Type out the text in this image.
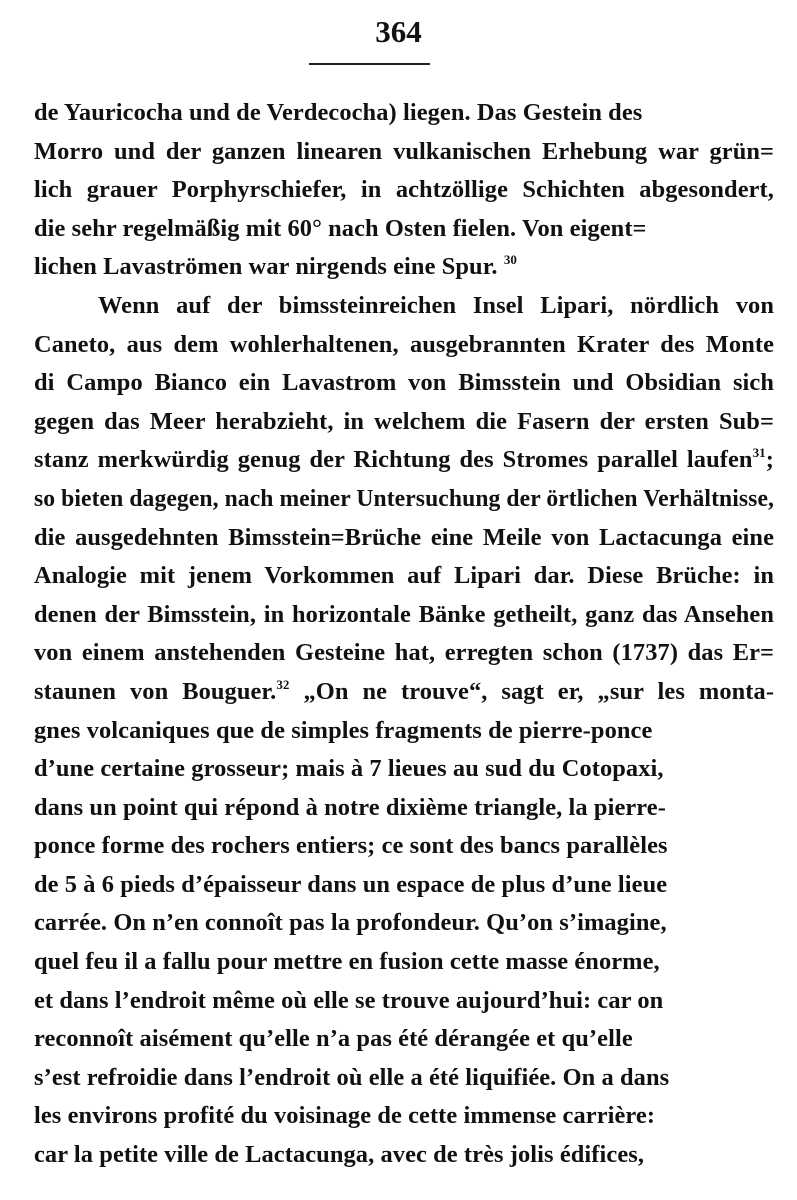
364
de Yauricocha und de Verdecocha) liegen. Das Gestein des
Morro und der ganzen linearen vulkanischen Erhebung war grün=
lich grauer Porphyrschiefer, in achtzöllige Schichten abgesondert,
die sehr regelmäßig mit 60° nach Osten fielen. Von eigent=
lichen Lavaströmen war nirgends eine Spur. $^{30}$
Wenn auf der bimssteinreichen Insel Lipari, nördlich von
Caneto, aus dem wohlerhaltenen, ausgebrannten Krater des Monte
di Campo Bianco ein Lavastrom von Bimsstein und Obsidian sich
gegen das Meer herabzieht, in welchem die Fasern der ersten Sub=
stanz merkwürdig genug der Richtung des Stromes parallel laufen$^{31}$;
so bieten dagegen, nach meiner Untersuchung der örtlichen Verhältnisse,
die ausgedehnten Bimsstein=Brüche eine Meile von Lactacunga eine
Analogie mit jenem Vorkommen auf Lipari dar. Diese Brüche: in
denen der Bimsstein, in horizontale Bänke getheilt, ganz das Ansehen
von einem anstehenden Gesteine hat, erregten schon (1737) das Er=
staunen von Bouguer.$^{32}$ „On ne trouve“, sagt er, „sur les monta-
gnes volcaniques que de simples fragments de pierre-ponce
d’une certaine grosseur; mais à 7 lieues au sud du Cotopaxi,
dans un point qui répond à notre dixième triangle, la pierre-
ponce forme des rochers entiers; ce sont des bancs parallèles
de 5 à 6 pieds d’épaisseur dans un espace de plus d’une lieue
carrée. On n’en connoît pas la profondeur. Qu’on s’imagine,
quel feu il a fallu pour mettre en fusion cette masse énorme,
et dans l’endroit même où elle se trouve aujourd’hui: car on
reconnoît aisément qu’elle n’a pas été dérangée et qu’elle
s’est refroidie dans l’endroit où elle a été liquifiée. On a dans
les environs profité du voisinage de cette immense carrière:
car la petite ville de Lactacunga, avec de très jolis édifices,
